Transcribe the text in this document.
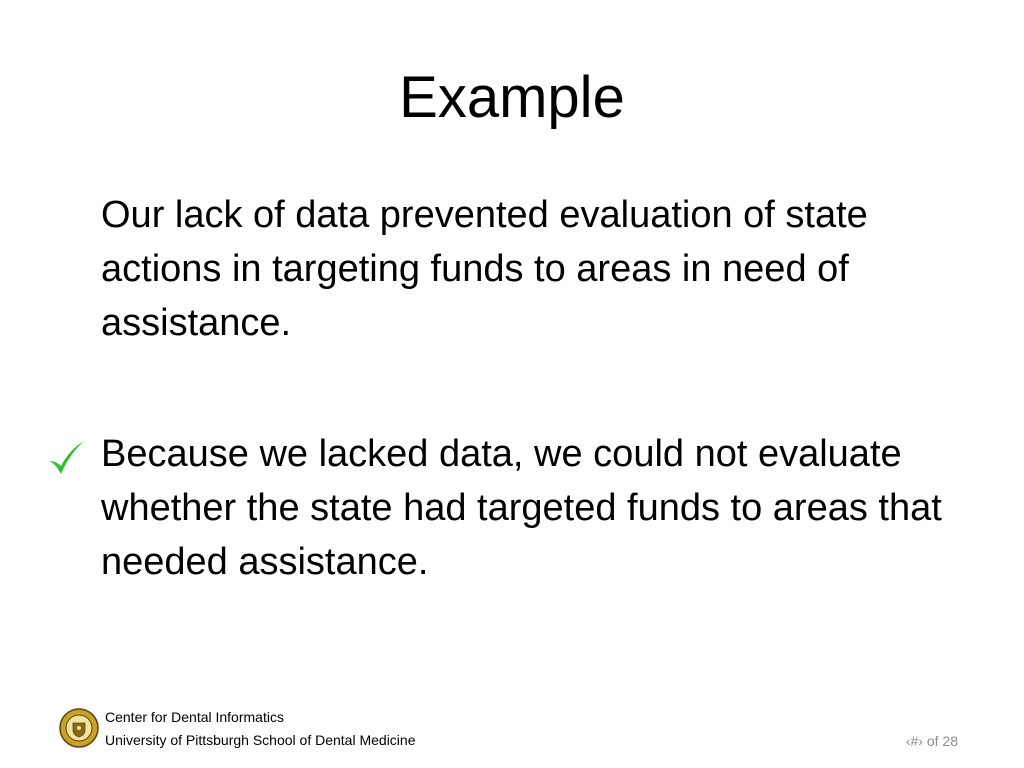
Example

Our lack of data prevented evaluation of state actions in targeting funds to areas in need of assistance.

Because we lacked data, we could not evaluate whether the state had targeted funds to areas that needed assistance.

Center for Dental Informatics
University of Pittsburgh School of Dental Medicine	‹#› of 28
